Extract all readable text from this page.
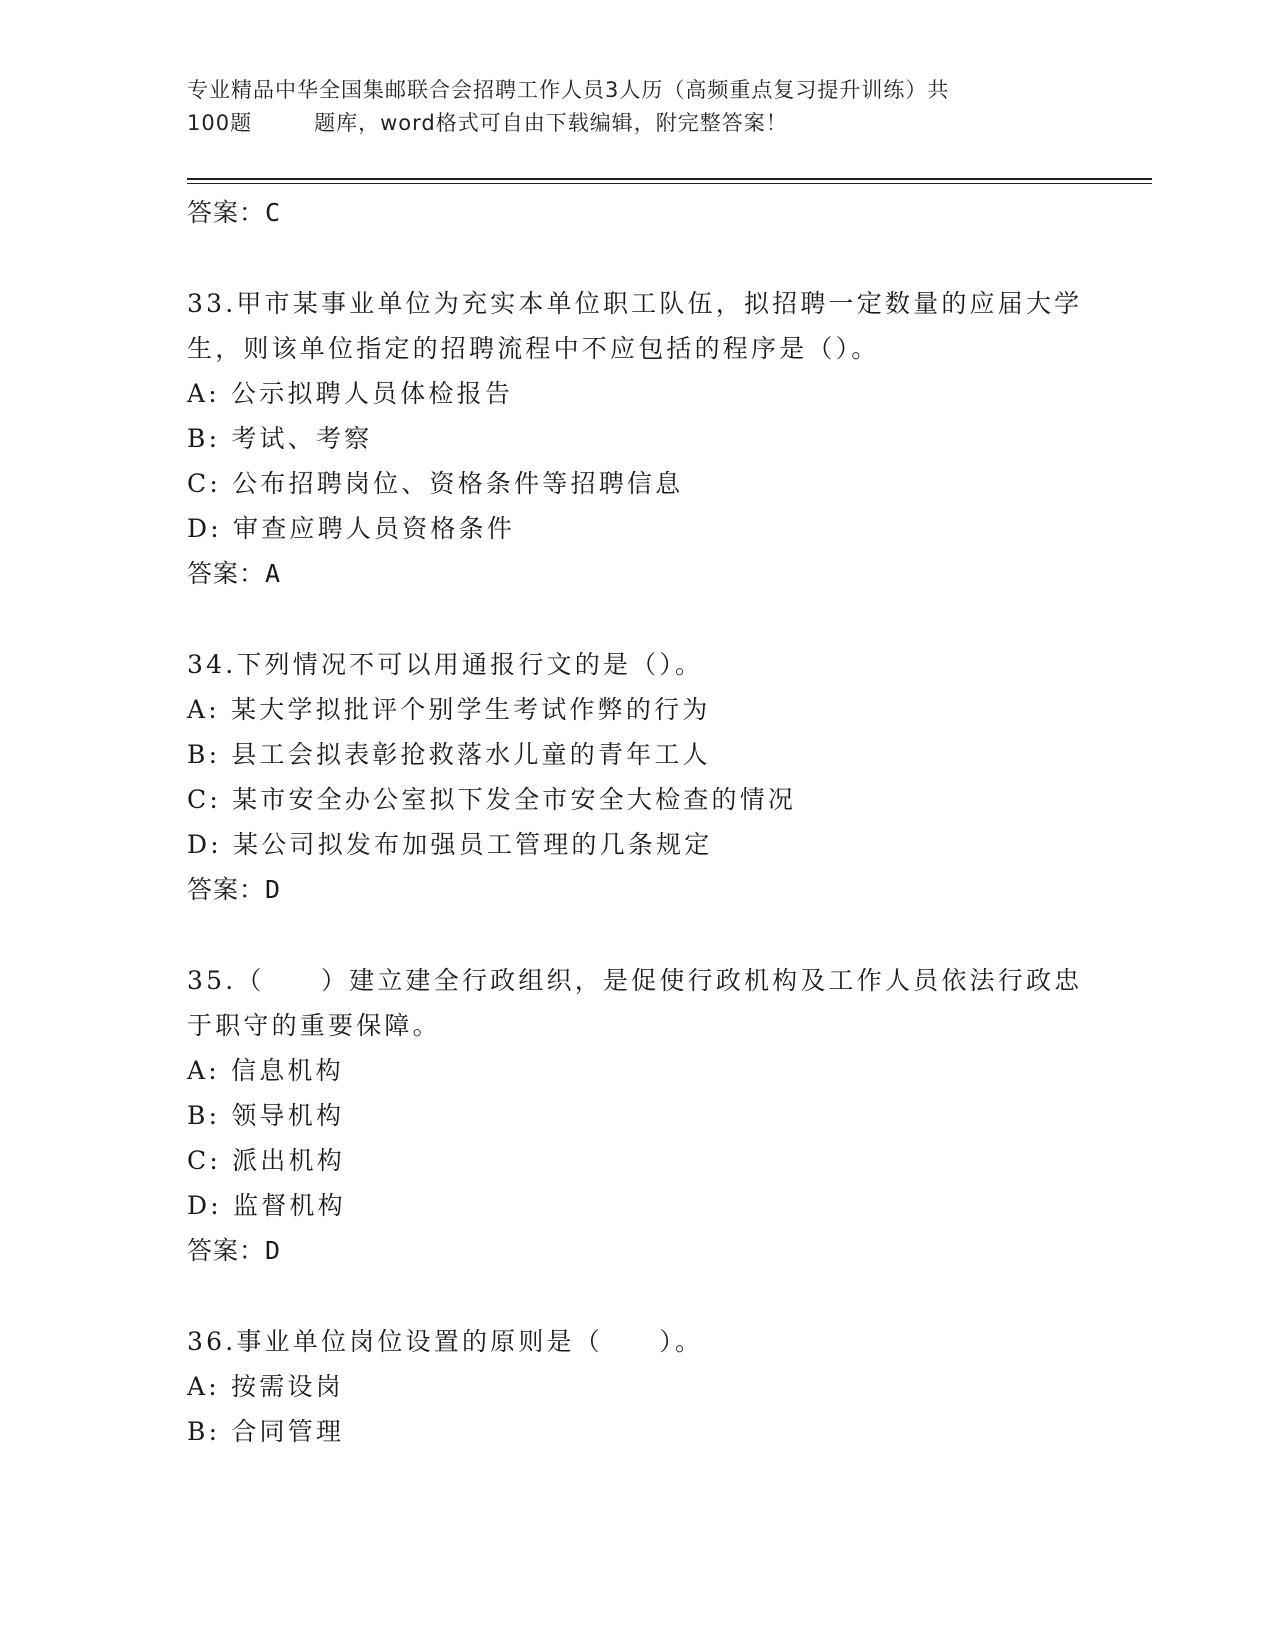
专业精品中华全国集邮联合会招聘工作人员3人历（高频重点复习提升训练）共
100题	题库，word格式可自由下载编辑，附完整答案！
答案：C
33.甲市某事业单位为充实本单位职工队伍，拟招聘一定数量的应届大学生，则该单位指定的招聘流程中不应包括的程序是（）。
A: 公示拟聘人员体检报告
B: 考试、考察
C: 公布招聘岗位、资格条件等招聘信息
D: 审查应聘人员资格条件
答案：A
34.下列情况不可以用通报行文的是（）。
A: 某大学拟批评个别学生考试作弊的行为
B: 县工会拟表彰抢救落水儿童的青年工人
C: 某市安全办公室拟下发全市安全大检查的情况
D: 某公司拟发布加强员工管理的几条规定
答案：D
35.（　　）建立建全行政组织，是促使行政机构及工作人员依法行政忠于职守的重要保障。
A: 信息机构
B: 领导机构
C: 派出机构
D: 监督机构
答案：D
36.事业单位岗位设置的原则是（　　）。
A: 按需设岗
B: 合同管理
